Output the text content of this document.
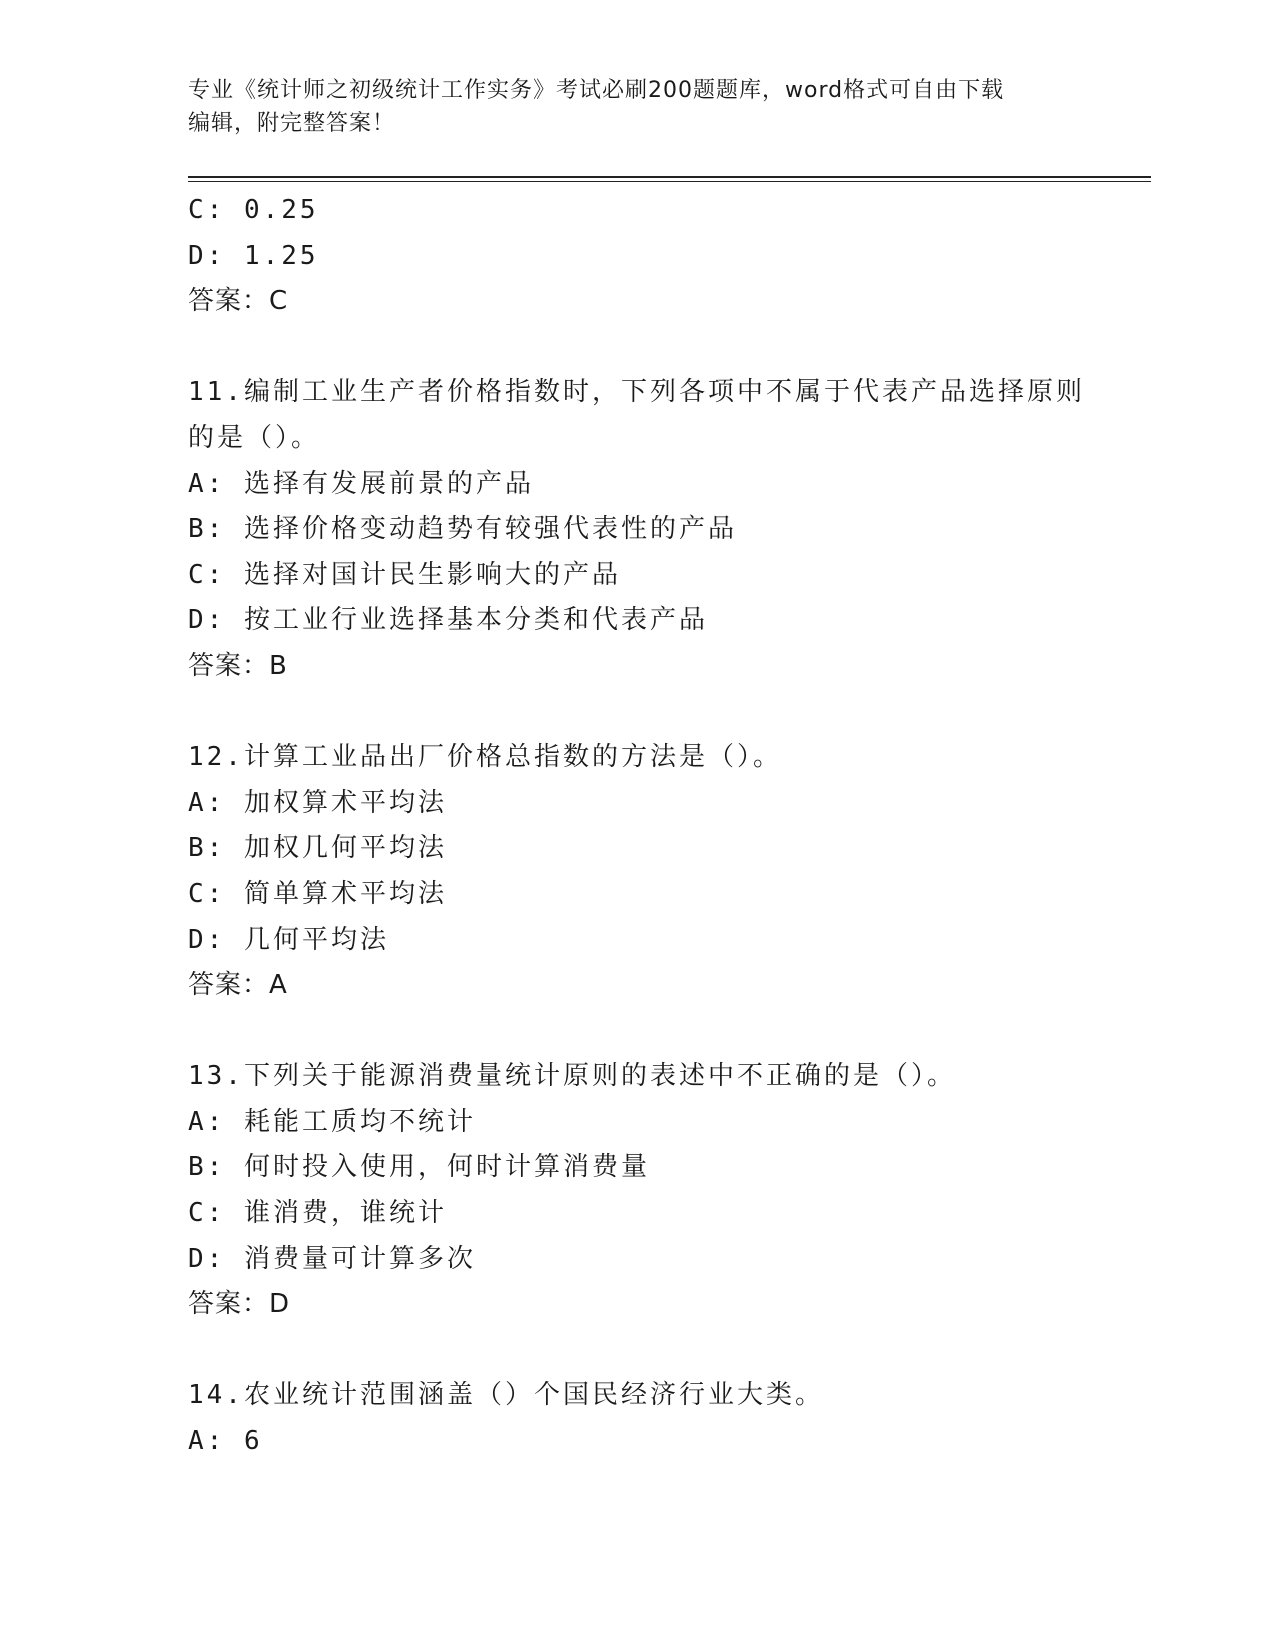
专业《统计师之初级统计工作实务》考试必刷200题题库，word格式可自由下载
编辑，附完整答案！
C: 0.25
D: 1.25
答案：C
11.编制工业生产者价格指数时，下列各项中不属于代表产品选择原则
的是（）。
A: 选择有发展前景的产品
B: 选择价格变动趋势有较强代表性的产品
C: 选择对国计民生影响大的产品
D: 按工业行业选择基本分类和代表产品
答案：B
12.计算工业品出厂价格总指数的方法是（）。
A: 加权算术平均法
B: 加权几何平均法
C: 简单算术平均法
D: 几何平均法
答案：A
13.下列关于能源消费量统计原则的表述中不正确的是（）。
A: 耗能工质均不统计
B: 何时投入使用，何时计算消费量
C: 谁消费，谁统计
D: 消费量可计算多次
答案：D
14.农业统计范围涵盖（）个国民经济行业大类。
A: 6
